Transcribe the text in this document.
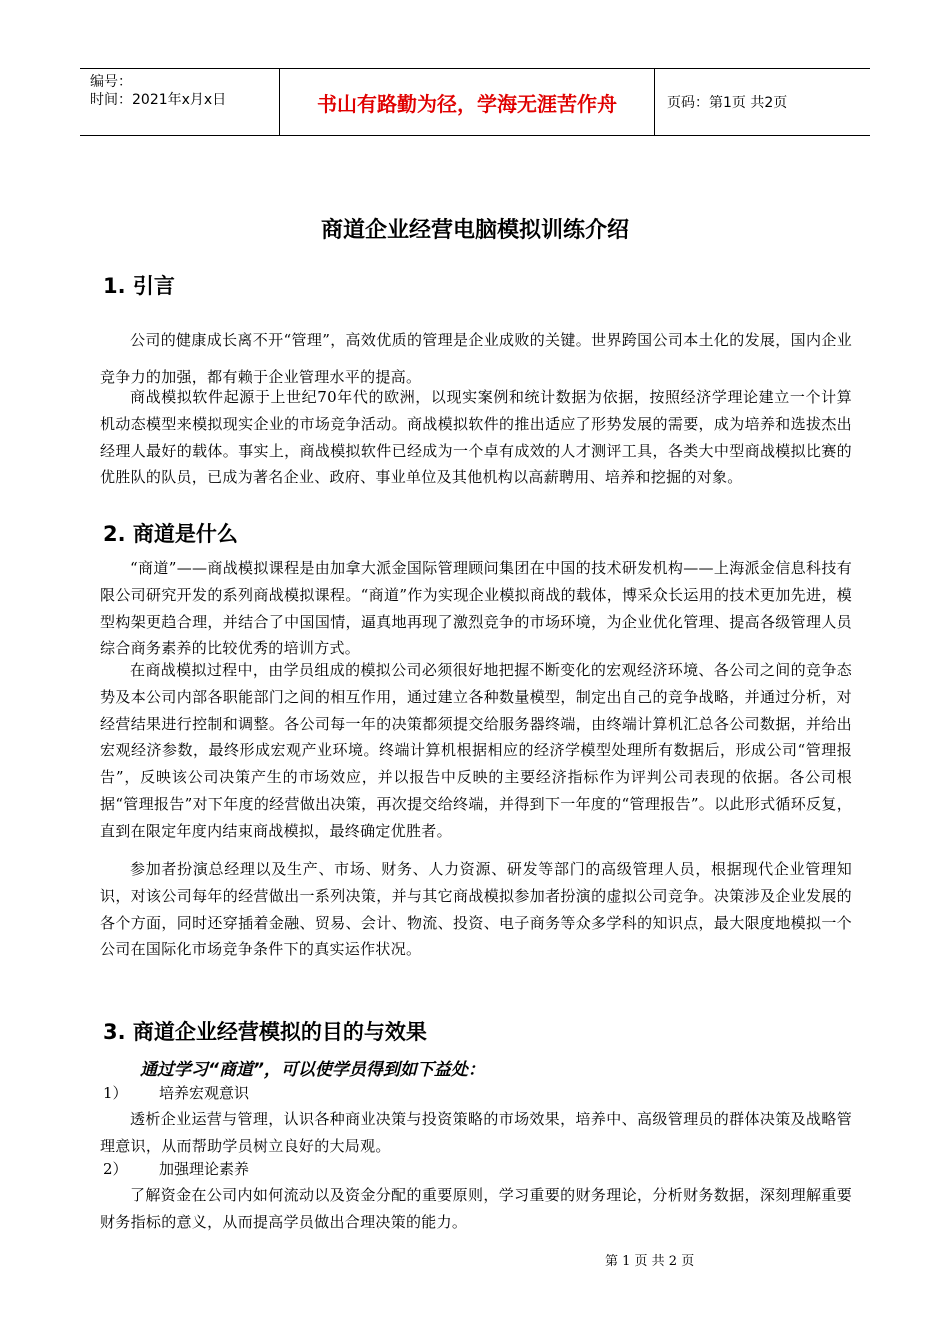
编号：
时间：2021年x月x日	书山有路勤为径，学海无涯苦作舟	页码：第1页 共2页
商道企业经营电脑模拟训练介绍
1. 引言
公司的健康成长离不开“管理”，高效优质的管理是企业成败的关键。世界跨国公司本土化的发展，国内企业竞争力的加强，都有赖于企业管理水平的提高。
商战模拟软件起源于上世纪70年代的欧洲，以现实案例和统计数据为依据，按照经济学理论建立一个计算机动态模型来模拟现实企业的市场竞争活动。商战模拟软件的推出适应了形势发展的需要，成为培养和选拔杰出经理人最好的载体。事实上，商战模拟软件已经成为一个卓有成效的人才测评工具，各类大中型商战模拟比赛的优胜队的队员，已成为著名企业、政府、事业单位及其他机构以高薪聘用、培养和挖掘的对象。
2. 商道是什么
“商道”——商战模拟课程是由加拿大派金国际管理顾问集团在中国的技术研发机构——上海派金信息科技有限公司研究开发的系列商战模拟课程。“商道”作为实现企业模拟商战的载体，博采众长运用的技术更加先进，模型构架更趋合理，并结合了中国国情，逼真地再现了激烈竞争的市场环境，为企业优化管理、提高各级管理人员综合商务素养的比较优秀的培训方式。
在商战模拟过程中，由学员组成的模拟公司必须很好地把握不断变化的宏观经济环境、各公司之间的竞争态势及本公司内部各职能部门之间的相互作用，通过建立各种数量模型，制定出自己的竞争战略，并通过分析，对经营结果进行控制和调整。各公司每一年的决策都须提交给服务器终端，由终端计算机汇总各公司数据，并给出宏观经济参数，最终形成宏观产业环境。终端计算机根据相应的经济学模型处理所有数据后，形成公司“管理报告”，反映该公司决策产生的市场效应，并以报告中反映的主要经济指标作为评判公司表现的依据。各公司根据“管理报告”对下年度的经营做出决策，再次提交给终端，并得到下一年度的“管理报告”。以此形式循环反复，直到在限定年度内结束商战模拟，最终确定优胜者。
参加者扮演总经理以及生产、市场、财务、人力资源、研发等部门的高级管理人员，根据现代企业管理知识，对该公司每年的经营做出一系列决策，并与其它商战模拟参加者扮演的虚拟公司竞争。决策涉及企业发展的各个方面，同时还穿插着金融、贸易、会计、物流、投资、电子商务等众多学科的知识点，最大限度地模拟一个公司在国际化市场竞争条件下的真实运作状况。
3. 商道企业经营模拟的目的与效果
通过学习“商道”，可以使学员得到如下益处：
1） 培养宏观意识
透析企业运营与管理，认识各种商业决策与投资策略的市场效果，培养中、高级管理员的群体决策及战略管理意识，从而帮助学员树立良好的大局观。
2） 加强理论素养
了解资金在公司内如何流动以及资金分配的重要原则，学习重要的财务理论，分析财务数据，深刻理解重要财务指标的意义，从而提高学员做出合理决策的能力。
第 1 页 共 2 页
